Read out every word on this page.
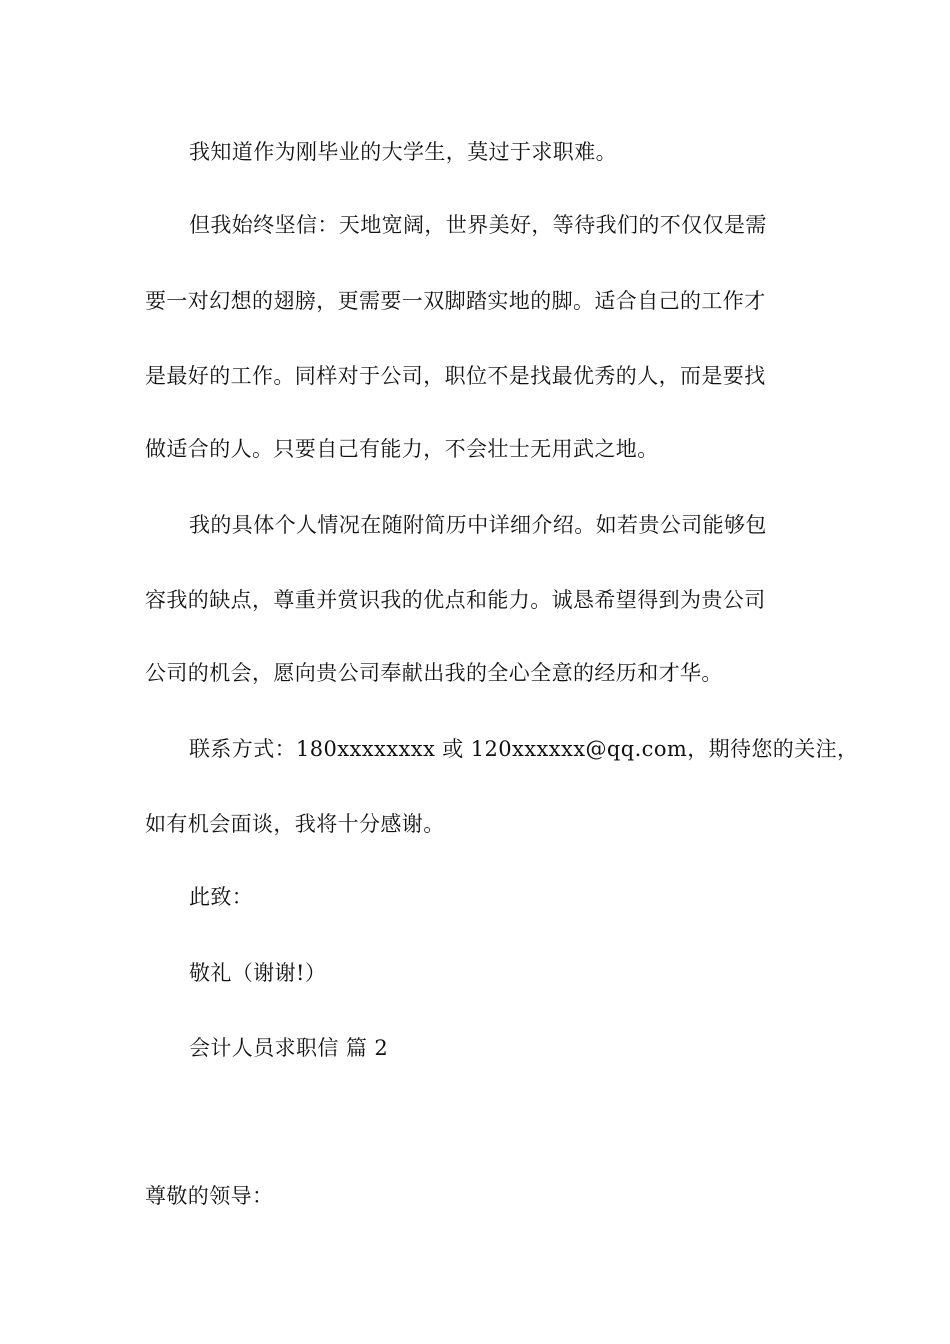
我知道作为刚毕业的大学生，莫过于求职难。
但我始终坚信：天地宽阔，世界美好，等待我们的不仅仅是需
要一对幻想的翅膀，更需要一双脚踏实地的脚。适合自己的工作才
是最好的工作。同样对于公司，职位不是找最优秀的人，而是要找
做适合的人。只要自己有能力，不会壮士无用武之地。
我的具体个人情况在随附简历中详细介绍。如若贵公司能够包
容我的缺点，尊重并赏识我的优点和能力。诚恳希望得到为贵公司
公司的机会，愿向贵公司奉献出我的全心全意的经历和才华。
联系方式：180xxxxxxxx 或 120xxxxxx@qq.com，期待您的关注，
如有机会面谈，我将十分感谢。
此致：
敬礼（谢谢!）
会计人员求职信 篇 2
尊敬的领导：
